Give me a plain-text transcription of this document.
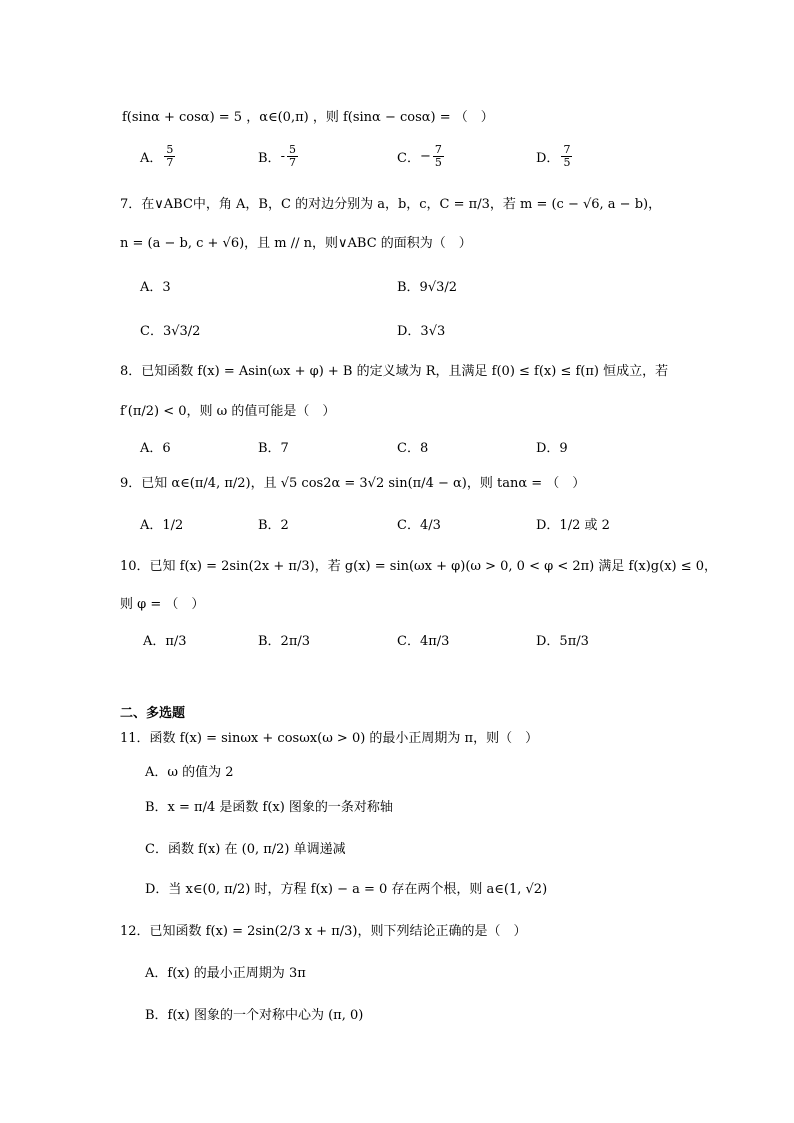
f(sinα + cosα) = 5 ，α∈(0,π) ，则 f(sinα − cosα) = （　）
A． $\frac{5}{7}$	B． - $\frac{5}{7}$	C． − $\frac{7}{5}$	D． $\frac{7}{5}$
7．在∨ABC中，角 A，B，C 的对边分别为 a，b，c，C = π/3，若 m = (c − √6, a − b)，
n = (a − b, c + √6)，且 m // n，则∨ABC 的面积为（　）
A．3	B．9√3/2
C．3√3/2	D．3√3
8．已知函数 f(x) = Asin(ωx + φ) + B 的定义域为 R，且满足 f(0) ≤ f(x) ≤ f(π) 恒成立，若
f′(π/2) < 0，则 ω 的值可能是（　）
A．6	B．7	C．8	D．9
9．已知 α∈(π/4, π/2)，且 √5 cos2α = 3√2 sin(π/4 − α)，则 tanα = （　）
A．1/2	B．2	C．4/3	D．1/2 或 2
10．已知 f(x) = 2sin(2x + π/3)，若 g(x) = sin(ωx + φ)(ω > 0, 0 < φ < 2π) 满足 f(x)g(x) ≤ 0，
则 φ = （　）
A．π/3	B．2π/3	C．4π/3	D．5π/3
二、多选题
11．函数 f(x) = sinωx + cosωx(ω > 0) 的最小正周期为 π，则（　）
A．ω 的值为 2
B．x = π/4 是函数 f(x) 图象的一条对称轴
C．函数 f(x) 在 (0, π/2) 单调递减
D．当 x∈(0, π/2) 时，方程 f(x) − a = 0 存在两个根，则 a∈(1, √2)
12．已知函数 f(x) = 2sin(2/3 x + π/3)，则下列结论正确的是（　）
A．f(x) 的最小正周期为 3π
B．f(x) 图象的一个对称中心为 (π, 0)
